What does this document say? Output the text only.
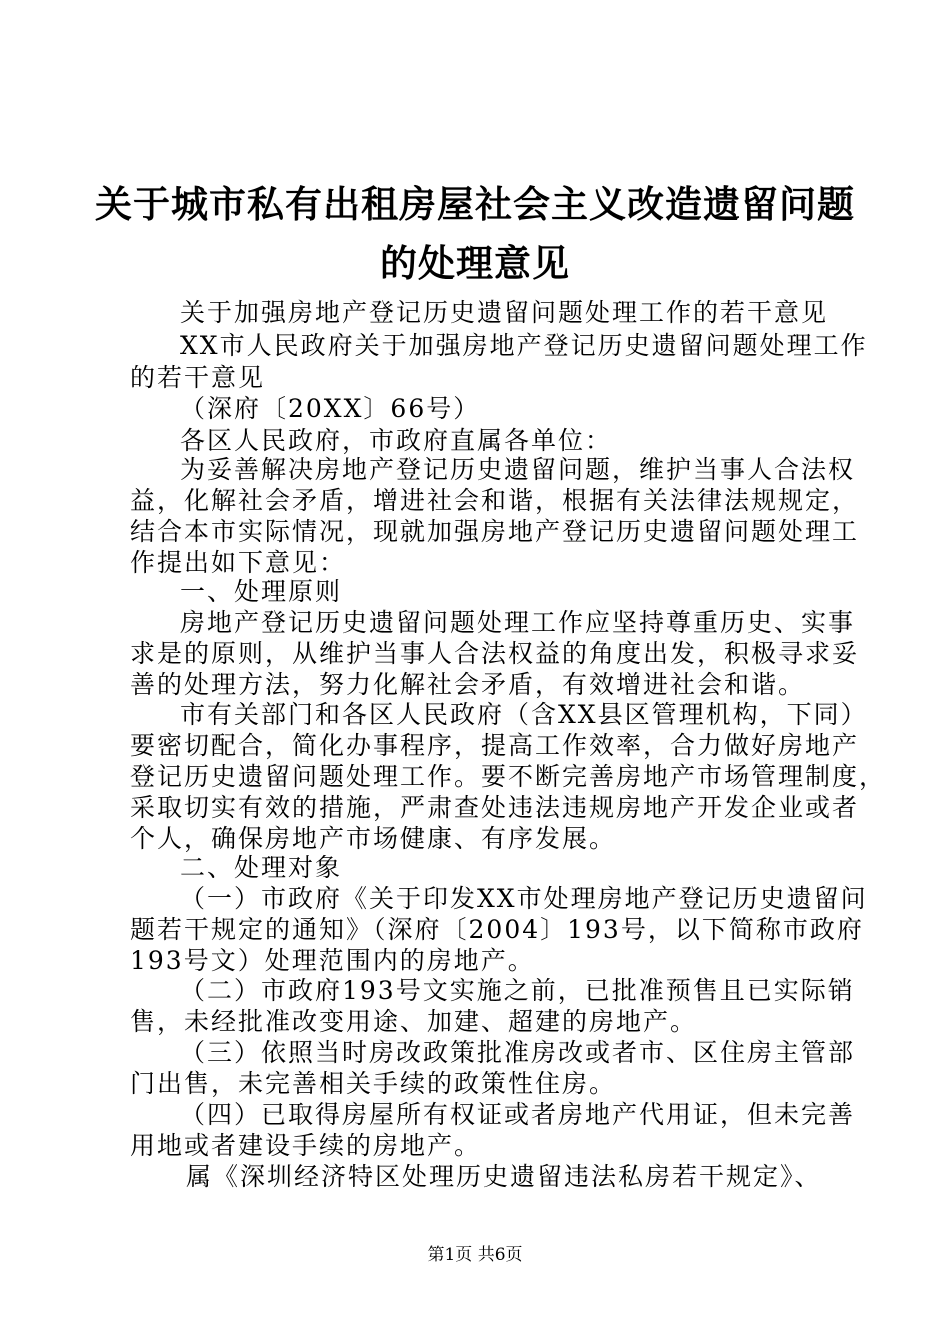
关于城市私有出租房屋社会主义改造遗留问题
的处理意见
关于加强房地产登记历史遗留问题处理工作的若干意见
XX市人民政府关于加强房地产登记历史遗留问题处理工作
的若干意见
（深府〔20XX〕66号）
各区人民政府，市政府直属各单位：
为妥善解决房地产登记历史遗留问题，维护当事人合法权
益，化解社会矛盾，增进社会和谐，根据有关法律法规规定，
结合本市实际情况，现就加强房地产登记历史遗留问题处理工
作提出如下意见：
一、处理原则
房地产登记历史遗留问题处理工作应坚持尊重历史、实事
求是的原则，从维护当事人合法权益的角度出发，积极寻求妥
善的处理方法，努力化解社会矛盾，有效增进社会和谐。
市有关部门和各区人民政府（含XX县区管理机构，下同）
要密切配合，简化办事程序，提高工作效率，合力做好房地产
登记历史遗留问题处理工作。要不断完善房地产市场管理制度，
采取切实有效的措施，严肃查处违法违规房地产开发企业或者
个人，确保房地产市场健康、有序发展。
二、处理对象
（一）市政府《关于印发XX市处理房地产登记历史遗留问
题若干规定的通知》（深府〔2004〕193号，以下简称市政府
193号文）处理范围内的房地产。
（二）市政府193号文实施之前，已批准预售且已实际销
售，未经批准改变用途、加建、超建的房地产。
（三）依照当时房改政策批准房改或者市、区住房主管部
门出售，未完善相关手续的政策性住房。
（四）已取得房屋所有权证或者房地产代用证，但未完善
用地或者建设手续的房地产。
属《深圳经济特区处理历史遗留违法私房若干规定》、
第1页 共6页
